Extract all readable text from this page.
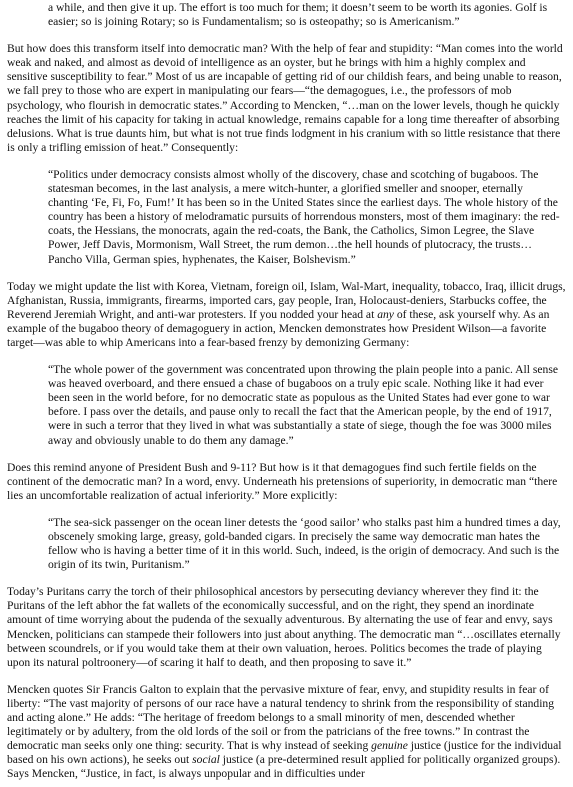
a while, and then give it up. The effort is too much for them; it doesn’t seem to be worth its agonies. Golf is easier; so is joining Rotary; so is Fundamentalism; so is osteopathy; so is Americanism.”

But how does this transform itself into democratic man? With the help of fear and stupidity: “Man comes into the world weak and naked, and almost as devoid of intelligence as an oyster, but he brings with him a highly complex and sensitive susceptibility to fear.” Most of us are incapable of getting rid of our childish fears, and being unable to reason, we fall prey to those who are expert in manipulating our fears—“the demagogues, i.e., the professors of mob psychology, who flourish in democratic states.” According to Mencken, “…man on the lower levels, though he quickly reaches the limit of his capacity for taking in actual knowledge, remains capable for a long time thereafter of absorbing delusions. What is true daunts him, but what is not true finds lodgment in his cranium with so little resistance that there is only a trifling emission of heat.” Consequently:

“Politics under democracy consists almost wholly of the discovery, chase and scotching of bugaboos. The statesman becomes, in the last analysis, a mere witch-hunter, a glorified smeller and snooper, eternally chanting ‘Fe, Fi, Fo, Fum!’ It has been so in the United States since the earliest days. The whole history of the country has been a history of melodramatic pursuits of horrendous monsters, most of them imaginary: the red-coats, the Hessians, the monocrats, again the red-coats, the Bank, the Catholics, Simon Legree, the Slave Power, Jeff Davis, Mormonism, Wall Street, the rum demon…the hell hounds of plutocracy, the trusts…Pancho Villa, German spies, hyphenates, the Kaiser, Bolshevism.”

Today we might update the list with Korea, Vietnam, foreign oil, Islam, Wal-Mart, inequality, tobacco, Iraq, illicit drugs, Afghanistan, Russia, immigrants, firearms, imported cars, gay people, Iran, Holocaust-deniers, Starbucks coffee, the Reverend Jeremiah Wright, and anti-war protesters. If you nodded your head at any of these, ask yourself why. As an example of the bugaboo theory of demagoguery in action, Mencken demonstrates how President Wilson—a favorite target—was able to whip Americans into a fear-based frenzy by demonizing Germany:

“The whole power of the government was concentrated upon throwing the plain people into a panic. All sense was heaved overboard, and there ensued a chase of bugaboos on a truly epic scale. Nothing like it had ever been seen in the world before, for no democratic state as populous as the United States had ever gone to war before. I pass over the details, and pause only to recall the fact that the American people, by the end of 1917, were in such a terror that they lived in what was substantially a state of siege, though the foe was 3000 miles away and obviously unable to do them any damage.”

Does this remind anyone of President Bush and 9-11? But how is it that demagogues find such fertile fields on the continent of the democratic man? In a word, envy. Underneath his pretensions of superiority, in democratic man “there lies an uncomfortable realization of actual inferiority.” More explicitly:

“The sea-sick passenger on the ocean liner detests the ‘good sailor’ who stalks past him a hundred times a day, obscenely smoking large, greasy, gold-banded cigars. In precisely the same way democratic man hates the fellow who is having a better time of it in this world. Such, indeed, is the origin of democracy. And such is the origin of its twin, Puritanism.”

Today’s Puritans carry the torch of their philosophical ancestors by persecuting deviancy wherever they find it: the Puritans of the left abhor the fat wallets of the economically successful, and on the right, they spend an inordinate amount of time worrying about the pudenda of the sexually adventurous. By alternating the use of fear and envy, says Mencken, politicians can stampede their followers into just about anything. The democratic man “…oscillates eternally between scoundrels, or if you would take them at their own valuation, heroes. Politics becomes the trade of playing upon its natural poltroonery—of scaring it half to death, and then proposing to save it.”

Mencken quotes Sir Francis Galton to explain that the pervasive mixture of fear, envy, and stupidity results in fear of liberty: “The vast majority of persons of our race have a natural tendency to shrink from the responsibility of standing and acting alone.” He adds: “The heritage of freedom belongs to a small minority of men, descended whether legitimately or by adultery, from the old lords of the soil or from the patricians of the free towns.” In contrast the democratic man seeks only one thing: security. That is why instead of seeking genuine justice (justice for the individual based on his own actions), he seeks out social justice (a pre-determined result applied for politically organized groups). Says Mencken, “Justice, in fact, is always unpopular and in difficulties under
